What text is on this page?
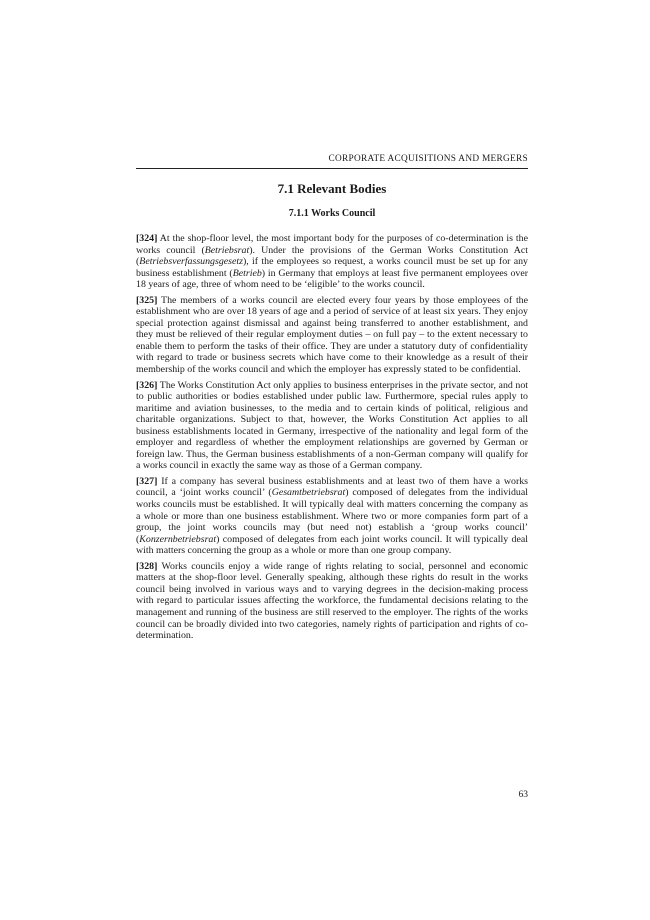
CORPORATE ACQUISITIONS AND MERGERS
7.1 Relevant Bodies
7.1.1 Works Council

[324] At the shop-floor level, the most important body for the purposes of co-determination is the works council (Betriebsrat). Under the provisions of the German Works Constitution Act (Betriebsverfassungsgesetz), if the employees so request, a works council must be set up for any business establishment (Betrieb) in Germany that employs at least five permanent employees over 18 years of age, three of whom need to be ‘eligible’ to the works council.

[325] The members of a works council are elected every four years by those employees of the establishment who are over 18 years of age and a period of service of at least six years. They enjoy special protection against dismissal and against being transferred to another establishment, and they must be relieved of their regular employment duties – on full pay – to the extent necessary to enable them to perform the tasks of their office. They are under a statutory duty of confidentiality with regard to trade or business secrets which have come to their knowledge as a result of their membership of the works council and which the employer has expressly stated to be confidential.

[326] The Works Constitution Act only applies to business enterprises in the private sector, and not to public authorities or bodies established under public law. Furthermore, special rules apply to maritime and aviation businesses, to the media and to certain kinds of political, religious and charitable organizations. Subject to that, however, the Works Constitution Act applies to all business establishments located in Germany, irrespective of the nationality and legal form of the employer and regardless of whether the employment relationships are governed by German or foreign law. Thus, the German business establishments of a non-German company will qualify for a works council in exactly the same way as those of a German company.

[327] If a company has several business establishments and at least two of them have a works council, a ‘joint works council’ (Gesamtbetriebsrat) composed of delegates from the individual works councils must be established. It will typically deal with matters concerning the company as a whole or more than one business establishment. Where two or more companies form part of a group, the joint works councils may (but need not) establish a ‘group works council’ (Konzernbetriebsrat) composed of delegates from each joint works council. It will typically deal with matters concerning the group as a whole or more than one group company.

[328] Works councils enjoy a wide range of rights relating to social, personnel and economic matters at the shop-floor level. Generally speaking, although these rights do result in the works council being involved in various ways and to varying degrees in the decision-making process with regard to particular issues affecting the workforce, the fundamental decisions relating to the management and running of the business are still reserved to the employer. The rights of the works council can be broadly divided into two categories, namely rights of participation and rights of co-determination.

63
